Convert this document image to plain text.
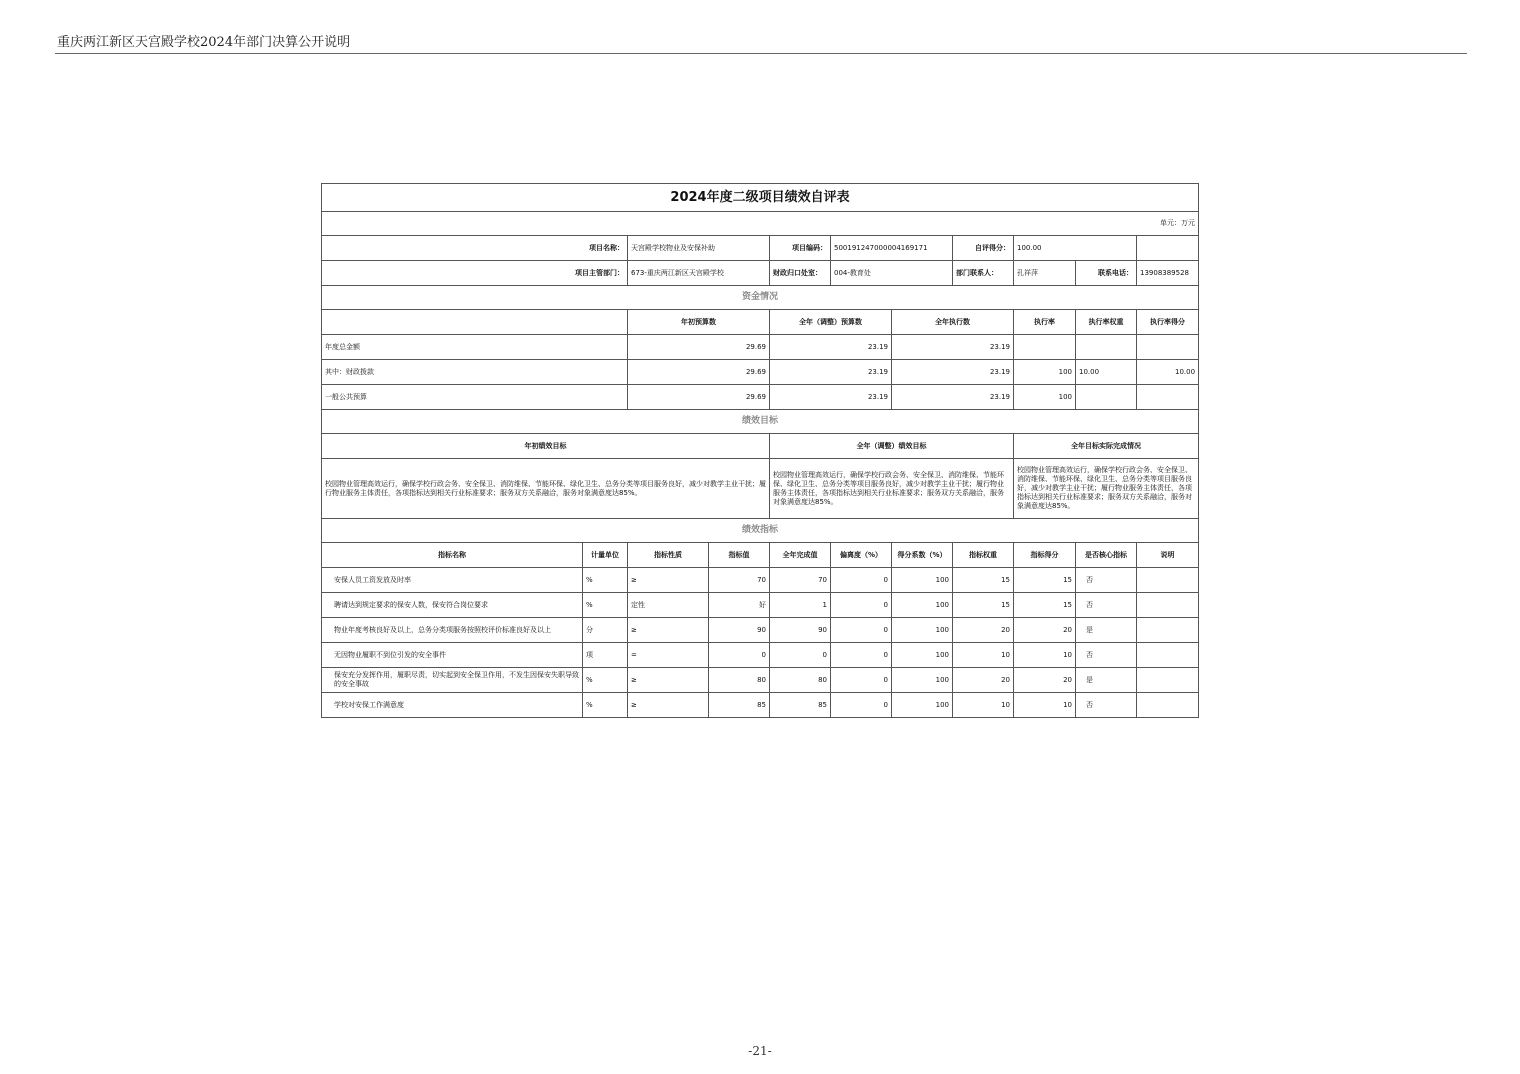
重庆两江新区天宫殿学校2024年部门决算公开说明
2024年度二级项目绩效自评表										
单元：万元										
项目名称：		天宫殿学校物业及安保补助		项目编码：	500191247000004169171		自评得分：	100.00		
项目主管部门：		673-重庆两江新区天宫殿学校		财政归口处室：	004-教育处		部门联系人：	孔祥萍	联系电话：	13908389528
资金情况										
		年初预算数		全年（调整）预算数		全年执行数		执行率	执行率权重	执行率得分
年度总金额		29.69		23.19		23.19				
其中：财政拨款		29.69		23.19		23.19		100	10.00	10.00
一般公共预算		29.69		23.19		23.19		100		
绩效目标										
年初绩效目标				全年（调整）绩效目标				全年目标实际完成情况		
校园物业管理高效运行，确保学校行政会务、安全保卫、消防维保、节能环保、绿化卫生、总务分类等项目服务良好，减少对教学主业干扰；履行物业服务主体责任，各项指标达到相关行业标准要求；服务双方关系融洽，服务对象满意度达85%。				校园物业管理高效运行，确保学校行政会务、安全保卫、消防维保、节能环保、绿化卫生、总务分类等项目服务良好，减少对教学主业干扰；履行物业服务主体责任，各项指标达到相关行业标准要求；服务双方关系融洽，服务对象满意度达85%。				校园物业管理高效运行，确保学校行政会务、安全保卫、消防维保、节能环保、绿化卫生、总务分类等项目服务良好，减少对教学主业干扰；履行物业服务主体责任，各项指标达到相关行业标准要求；服务双方关系融洽，服务对象满意度达85%。		
绩效指标										
指标名称	计量单位	指标性质	指标值	全年完成值	偏离度（%）	得分系数（%）	指标权重	指标得分	是否核心指标	说明
安保人员工资发放及时率	%	≥	70	70	0	100	15	15	否	
聘请达到规定要求的保安人数，保安符合岗位要求	%	定性	好	1	0	100	15	15	否	
物业年度考核良好及以上，总务分类项服务按照校评价标准良好及以上	分	≥	90	90	0	100	20	20	是	
无因物业履职不到位引发的安全事件	项	=	0	0	0	100	10	10	否	
保安充分发挥作用，履职尽责，切实起到安全保卫作用，不发生因保安失职导致的安全事故	%	≥	80	80	0	100	20	20	是	
学校对安保工作满意度	%	≥	85	85	0	100	10	10	否	
-21-
